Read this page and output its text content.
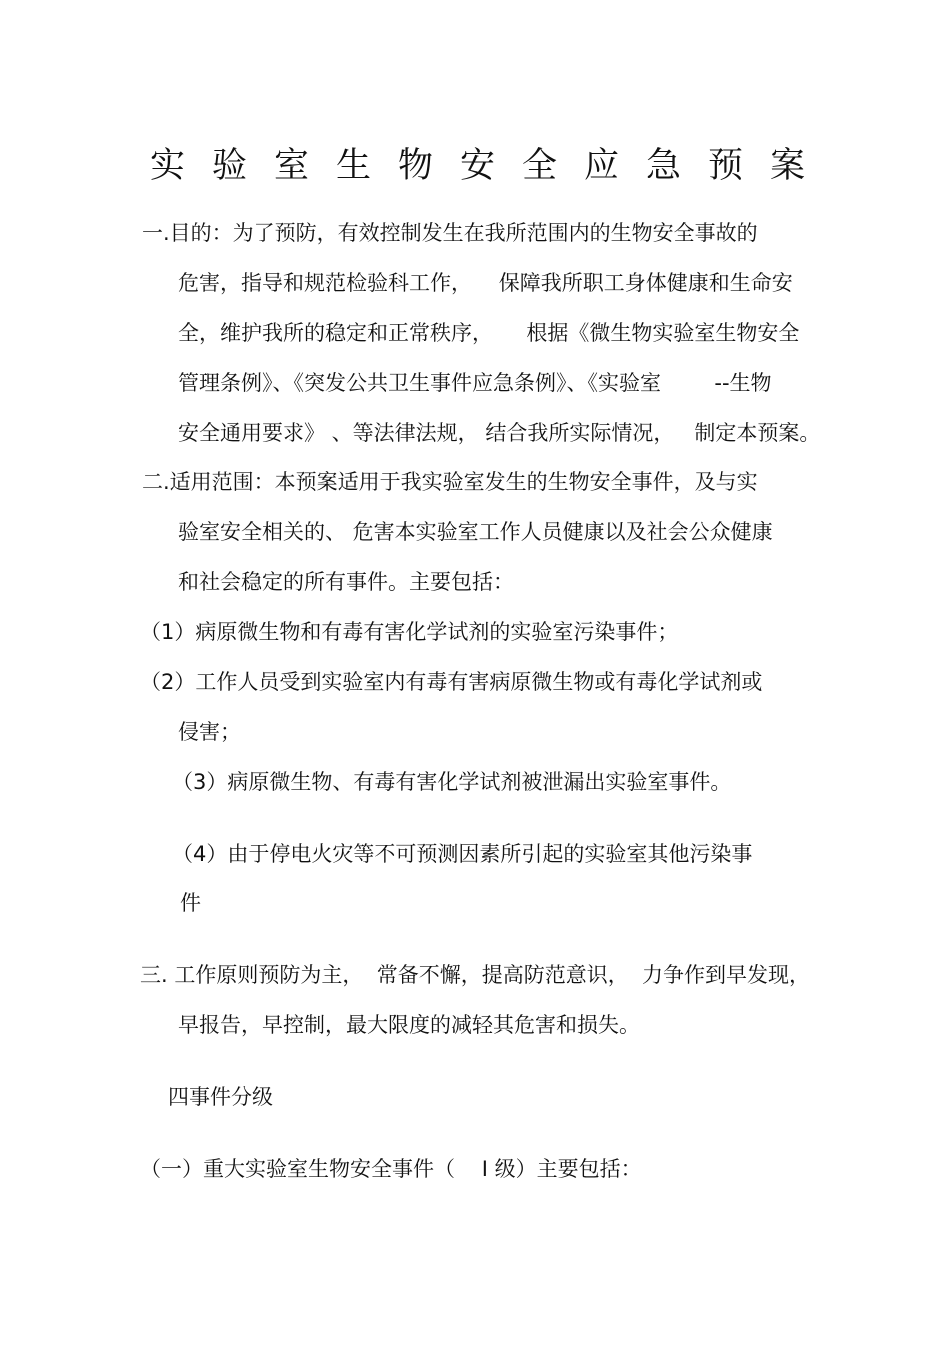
实验室生物安全应急预案
一.目的：为了预防，有效控制发生在我所范围内的生物安全事故的
危害，指导和规范检验科工作，    保障我所职工身体健康和生命安
全，维护我所的稳定和正常秩序，     根据《微生物实验室生物安全
管理条例》、《突发公共卫生事件应急条例》、《实验室        --生物
安全通用要求》 、等法律法规， 结合我所实际情况，   制定本预案。
二.适用范围：本预案适用于我实验室发生的生物安全事件，及与实
验室安全相关的、 危害本实验室工作人员健康以及社会公众健康
和社会稳定的所有事件。主要包括：
（1）病原微生物和有毒有害化学试剂的实验室污染事件；
（2）工作人员受到实验室内有毒有害病原微生物或有毒化学试剂或
侵害；
（3）病原微生物、有毒有害化学试剂被泄漏出实验室事件。
（4）由于停电火灾等不可预测因素所引起的实验室其他污染事
件
三. 工作原则预防为主，  常备不懈，提高防范意识，  力争作到早发现，
早报告，早控制，最大限度的减轻其危害和损失。
四事件分级
（一）重大实验室生物安全事件（    Ⅰ 级）主要包括：
